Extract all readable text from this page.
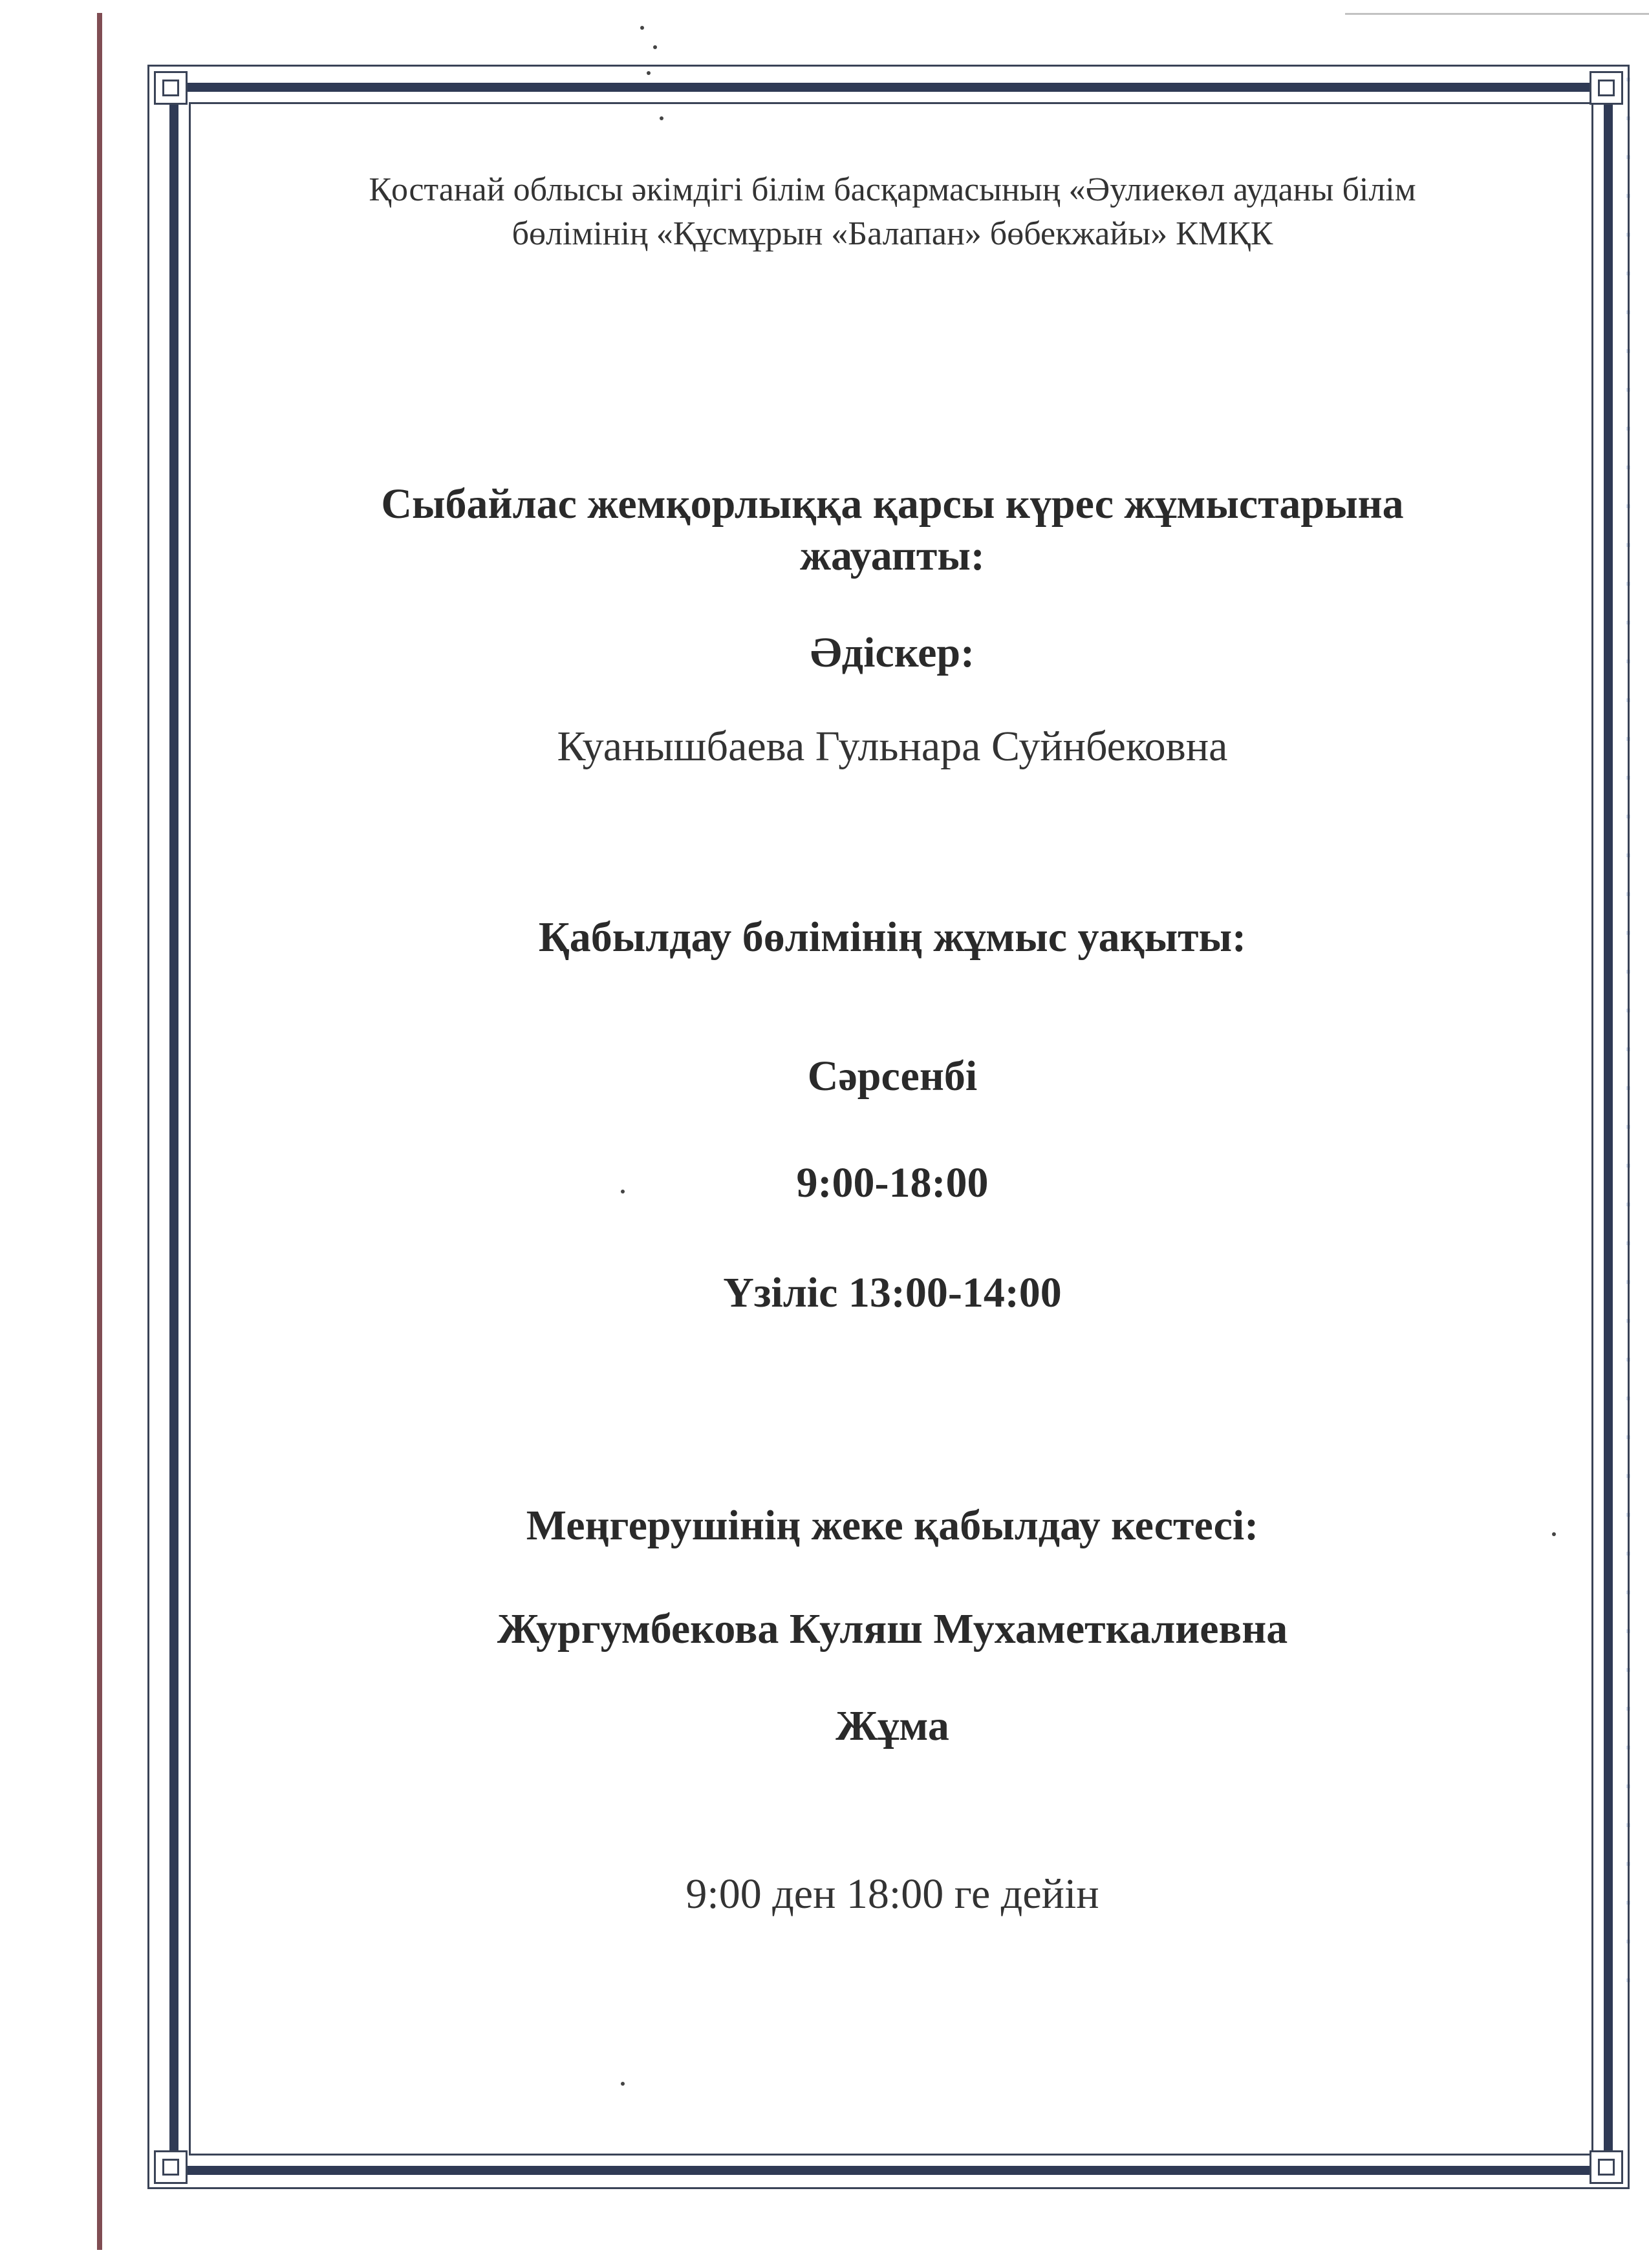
Қостанай облысы әкімдігі білім басқармасының «Әулиекөл ауданы білім
бөлімінің «Құсмұрын «Балапан» бөбекжайы» КМҚК
Сыбайлас жемқорлыққа қарсы күрес жұмыстарына
жауапты:
Әдіскер:
Куанышбаева Гульнара Суйнбековна
Қабылдау бөлімінің жұмыс уақыты:
Сәрсенбі
9:00-18:00
Үзіліс 13:00-14:00
Меңгерушінің жеке қабылдау кестесі:
Жургумбекова Куляш Мухаметкалиевна
Жұма
9:00 ден 18:00 ге дейін
